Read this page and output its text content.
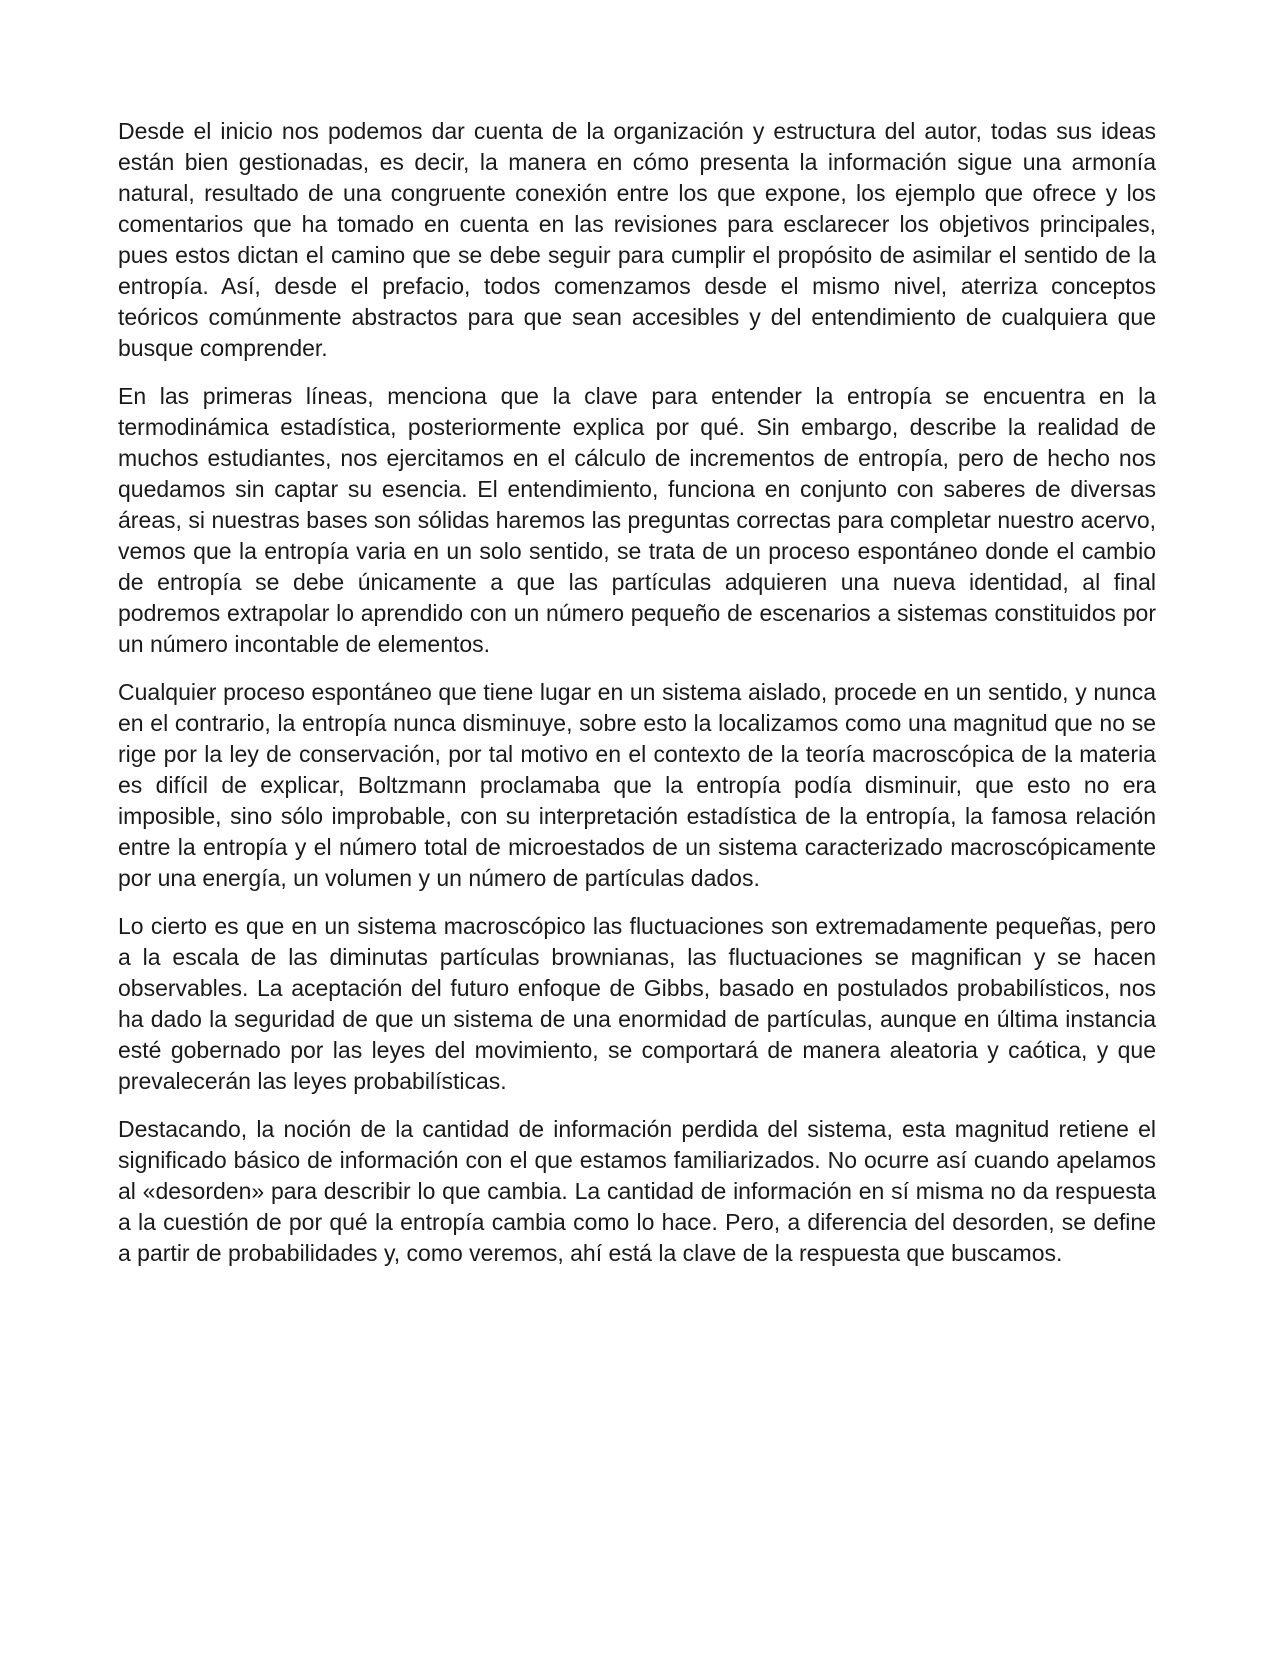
Desde el inicio nos podemos dar cuenta de la organización y estructura del autor, todas sus ideas están bien gestionadas, es decir, la manera en cómo presenta la información sigue una armonía natural, resultado de una congruente conexión entre los que expone, los ejemplo que ofrece y los comentarios que ha tomado en cuenta en las revisiones para esclarecer los objetivos principales, pues estos dictan el camino que se debe seguir para cumplir el propósito de asimilar el sentido de la entropía. Así, desde el prefacio, todos comenzamos desde el mismo nivel, aterriza conceptos teóricos comúnmente abstractos para que sean accesibles y del entendimiento de cualquiera que busque comprender.

En las primeras líneas, menciona que la clave para entender la entropía se encuentra en la termodinámica estadística, posteriormente explica por qué. Sin embargo, describe la realidad de muchos estudiantes, nos ejercitamos en el cálculo de incrementos de entropía, pero de hecho nos quedamos sin captar su esencia. El entendimiento, funciona en conjunto con saberes de diversas áreas, si nuestras bases son sólidas haremos las preguntas correctas para completar nuestro acervo, vemos que la entropía varia en un solo sentido, se trata de un proceso espontáneo donde el cambio de entropía se debe únicamente a que las partículas adquieren una nueva identidad, al final podremos extrapolar lo aprendido con un número pequeño de escenarios a sistemas constituidos por un número incontable de elementos.

Cualquier proceso espontáneo que tiene lugar en un sistema aislado, procede en un sentido, y nunca en el contrario, la entropía nunca disminuye, sobre esto la localizamos como una magnitud que no se rige por la ley de conservación, por tal motivo en el contexto de la teoría macroscópica de la materia es difícil de explicar, Boltzmann proclamaba que la entropía podía disminuir, que esto no era imposible, sino sólo improbable, con su interpretación estadística de la entropía, la famosa relación entre la entropía y el número total de microestados de un sistema caracterizado macroscópicamente por una energía, un volumen y un número de partículas dados.

Lo cierto es que en un sistema macroscópico las fluctuaciones son extremadamente pequeñas, pero a la escala de las diminutas partículas brownianas, las fluctuaciones se magnifican y se hacen observables. La aceptación del futuro enfoque de Gibbs, basado en postulados probabilísticos, nos ha dado la seguridad de que un sistema de una enormidad de partículas, aunque en última instancia esté gobernado por las leyes del movimiento, se comportará de manera aleatoria y caótica, y que prevalecerán las leyes probabilísticas.

Destacando, la noción de la cantidad de información perdida del sistema, esta magnitud retiene el significado básico de información con el que estamos familiarizados. No ocurre así cuando apelamos al «desorden» para describir lo que cambia. La cantidad de información en sí misma no da respuesta a la cuestión de por qué la entropía cambia como lo hace. Pero, a diferencia del desorden, se define a partir de probabilidades y, como veremos, ahí está la clave de la respuesta que buscamos.
